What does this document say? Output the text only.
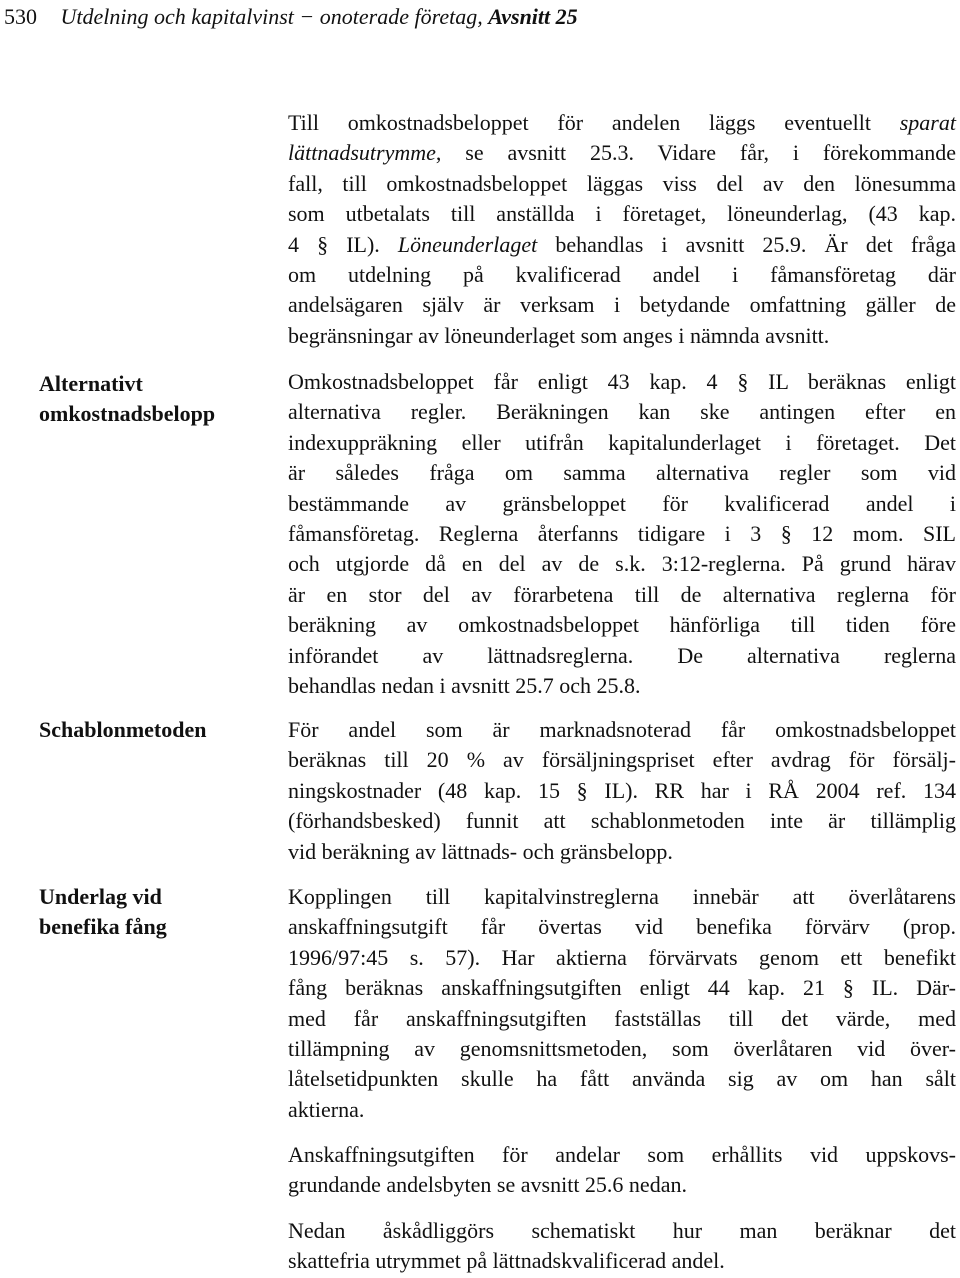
530 Utdelning och kapitalvinst − onoterade företag, Avsnitt 25
Alternativt
omkostnadsbelopp
Schablonmetoden
Underlag vid
benefika fång
Till omkostnadsbeloppet för andelen läggs eventuellt sparat
lättnadsutrymme, se avsnitt 25.3. Vidare får, i förekommande
fall, till omkostnadsbeloppet läggas viss del av den lönesumma
som utbetalats till anställda i företaget, löneunderlag, (43 kap.
4 § IL). Löneunderlaget behandlas i avsnitt 25.9. Är det fråga
om utdelning på kvalificerad andel i fåmansföretag där
andelsägaren själv är verksam i betydande omfattning gäller de
begränsningar av löneunderlaget som anges i nämnda avsnitt.
Omkostnadsbeloppet får enligt 43 kap. 4 § IL beräknas enligt
alternativa regler. Beräkningen kan ske antingen efter en
indexuppräkning eller utifrån kapitalunderlaget i företaget. Det
är således fråga om samma alternativa regler som vid
bestämmande av gränsbeloppet för kvalificerad andel i
fåmansföretag. Reglerna återfanns tidigare i 3 § 12 mom. SIL
och utgjorde då en del av de s.k. 3:12-reglerna. På grund härav
är en stor del av förarbetena till de alternativa reglerna för
beräkning av omkostnadsbeloppet hänförliga till tiden före
införandet av lättnadsreglerna. De alternativa reglerna
behandlas nedan i avsnitt 25.7 och 25.8.
För andel som är marknadsnoterad får omkostnadsbeloppet
beräknas till 20 % av försäljningspriset efter avdrag för försälj-
ningskostnader (48 kap. 15 § IL). RR har i RÅ 2004 ref. 134
(förhandsbesked) funnit att schablonmetoden inte är tillämplig
vid beräkning av lättnads- och gränsbelopp.
Kopplingen till kapitalvinstreglerna innebär att överlåtarens
anskaffningsutgift får övertas vid benefika förvärv (prop.
1996/97:45 s. 57). Har aktierna förvärvats genom ett benefikt
fång beräknas anskaffningsutgiften enligt 44 kap. 21 § IL. Där-
med får anskaffningsutgiften fastställas till det värde, med
tillämpning av genomsnittsmetoden, som överlåtaren vid över-
låtelsetidpunkten skulle ha fått använda sig av om han sålt
aktierna.
Anskaffningsutgiften för andelar som erhållits vid uppskovs-
grundande andelsbyten se avsnitt 25.6 nedan.
Nedan åskådliggörs schematiskt hur man beräknar det
skattefria utrymmet på lättnadskvalificerad andel.
